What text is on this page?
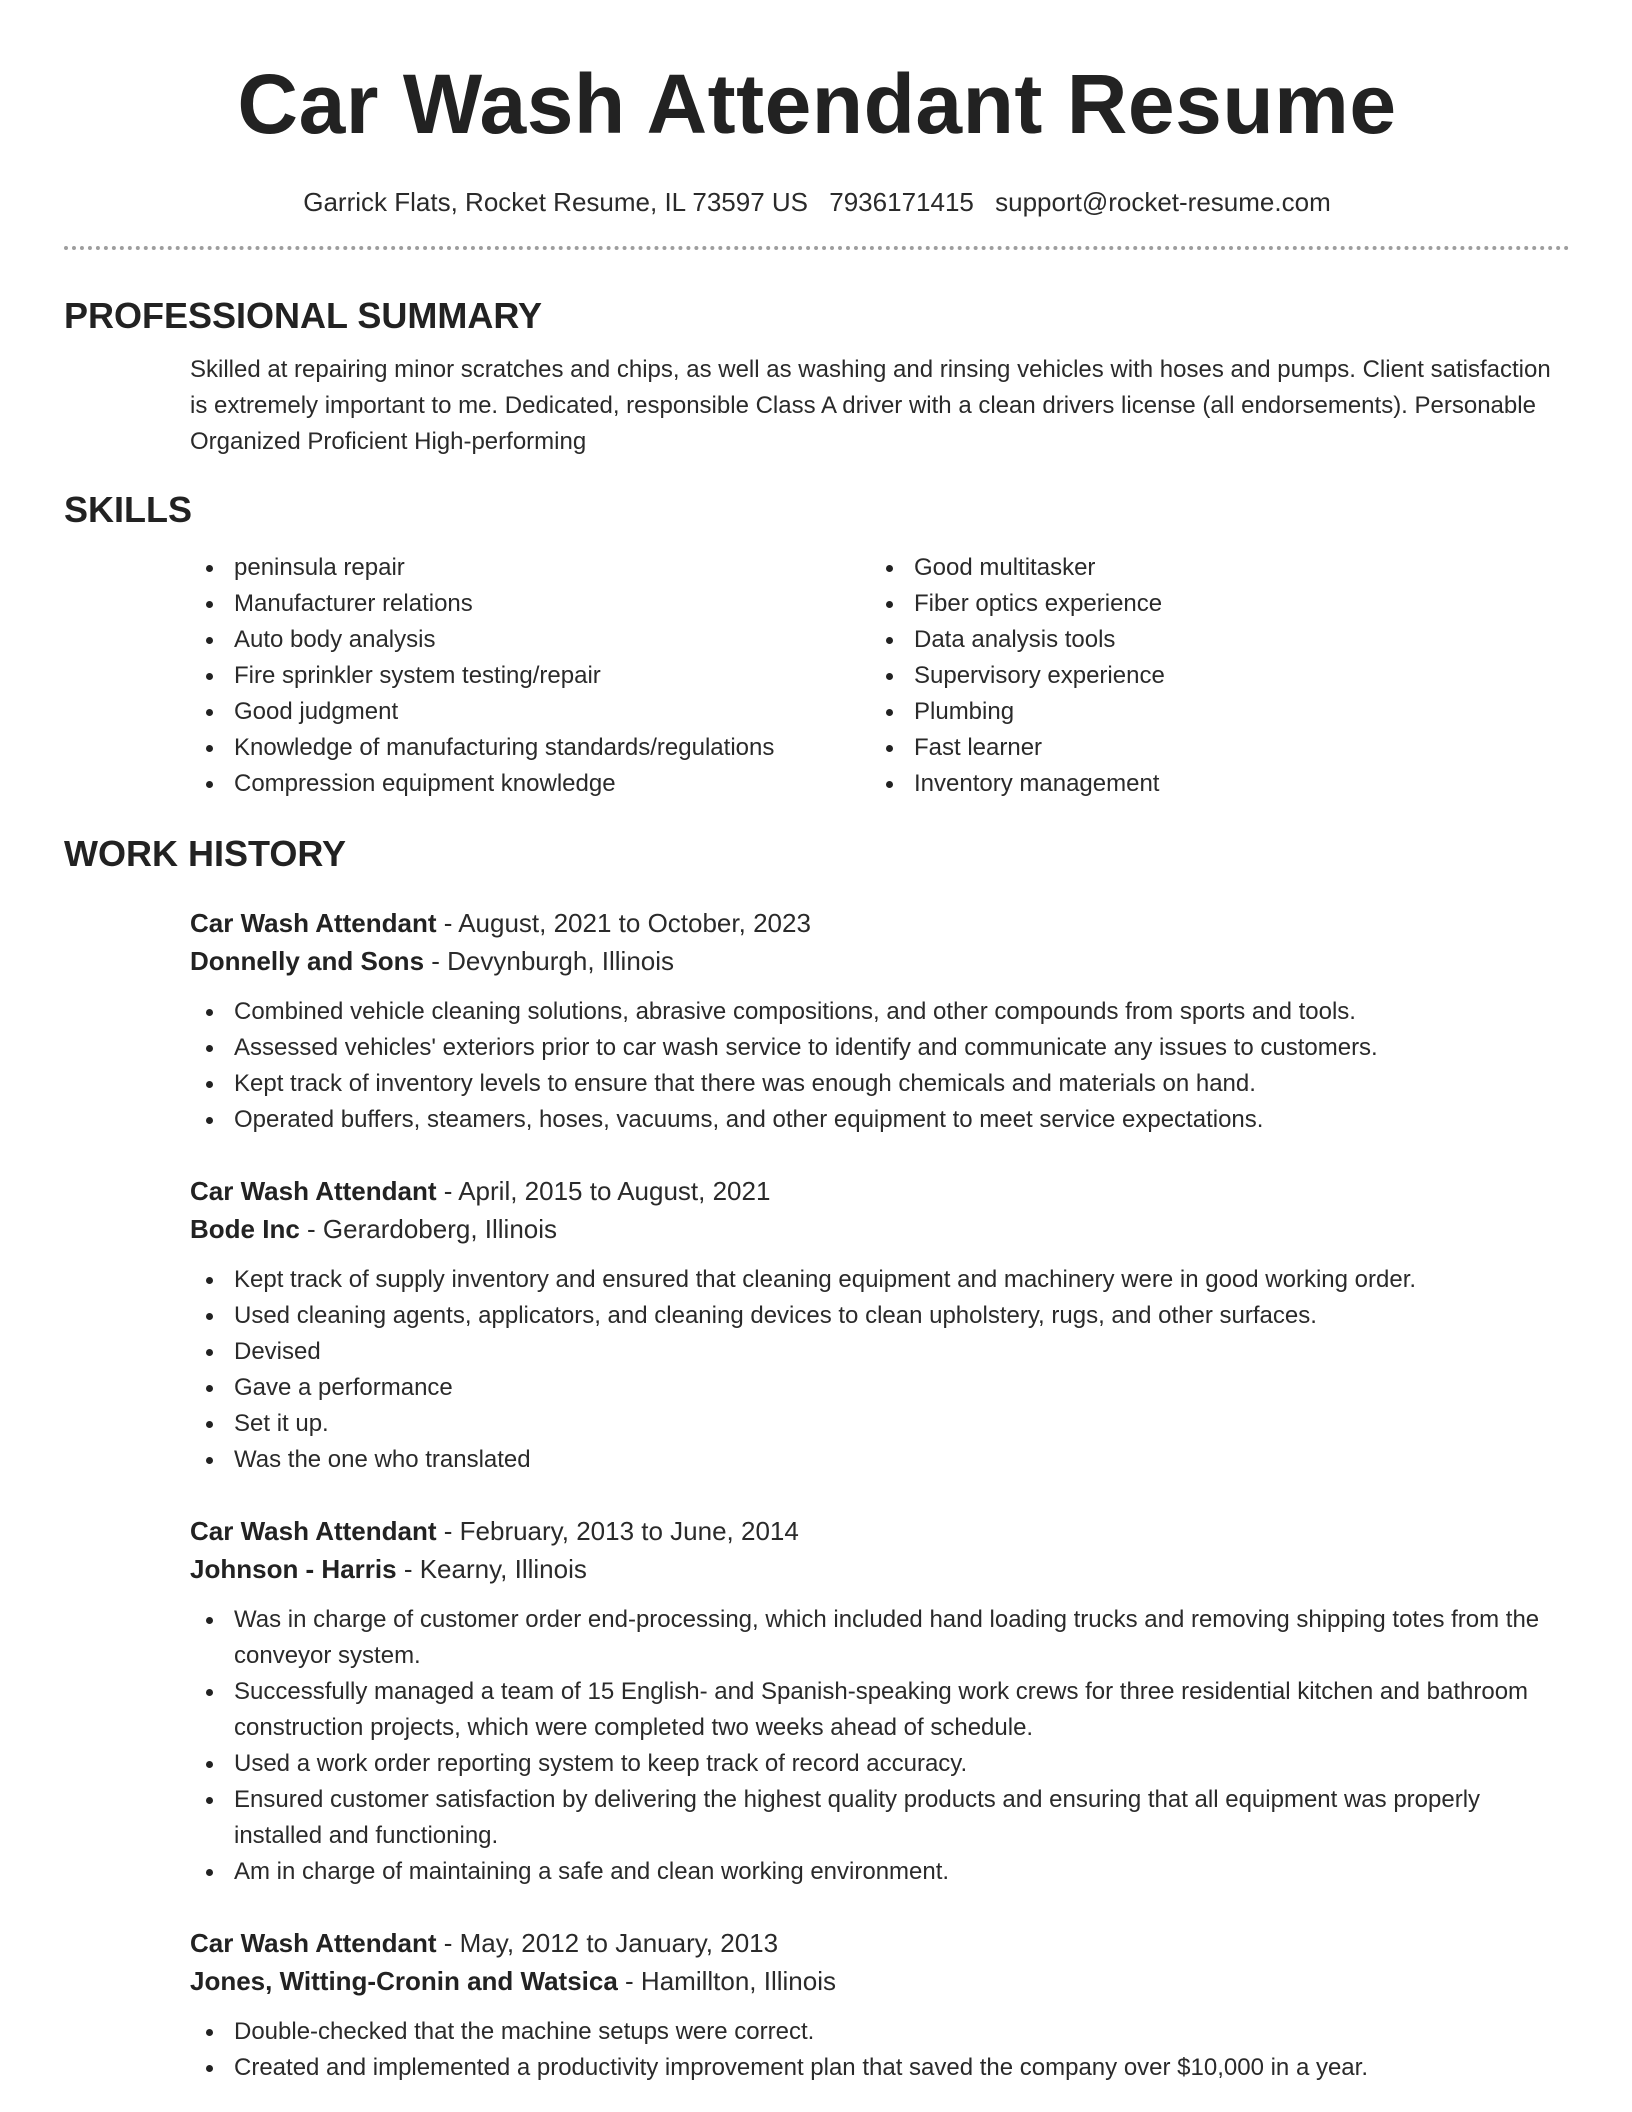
Car Wash Attendant Resume
Garrick Flats, Rocket Resume, IL 73597 US 7936171415 support@rocket-resume.com
PROFESSIONAL SUMMARY

Skilled at repairing minor scratches and chips, as well as washing and rinsing vehicles with hoses and pumps. Client satisfaction is extremely important to me. Dedicated, responsible Class A driver with a clean drivers license (all endorsements). Personable Organized Proficient High-performing

SKILLS
peninsula repair
Manufacturer relations
Auto body analysis
Fire sprinkler system testing/repair
Good judgment
Knowledge of manufacturing standards/regulations
Compression equipment knowledge
Good multitasker
Fiber optics experience
Data analysis tools
Supervisory experience
Plumbing
Fast learner
Inventory management
WORK HISTORY
Car Wash Attendant - August, 2021 to October, 2023
Donnelly and Sons - Devynburgh, Illinois
Combined vehicle cleaning solutions, abrasive compositions, and other compounds from sports and tools.
Assessed vehicles' exteriors prior to car wash service to identify and communicate any issues to customers.
Kept track of inventory levels to ensure that there was enough chemicals and materials on hand.
Operated buffers, steamers, hoses, vacuums, and other equipment to meet service expectations.
Car Wash Attendant - April, 2015 to August, 2021
Bode Inc - Gerardoberg, Illinois
Kept track of supply inventory and ensured that cleaning equipment and machinery were in good working order.
Used cleaning agents, applicators, and cleaning devices to clean upholstery, rugs, and other surfaces.
Devised
Gave a performance
Set it up.
Was the one who translated
Car Wash Attendant - February, 2013 to June, 2014
Johnson - Harris - Kearny, Illinois
Was in charge of customer order end-processing, which included hand loading trucks and removing shipping totes from the conveyor system.
Successfully managed a team of 15 English- and Spanish-speaking work crews for three residential kitchen and bathroom construction projects, which were completed two weeks ahead of schedule.
Used a work order reporting system to keep track of record accuracy.
Ensured customer satisfaction by delivering the highest quality products and ensuring that all equipment was properly installed and functioning.
Am in charge of maintaining a safe and clean working environment.
Car Wash Attendant - May, 2012 to January, 2013
Jones, Witting-Cronin and Watsica - Hamillton, Illinois
Double-checked that the machine setups were correct.
Created and implemented a productivity improvement plan that saved the company over $10,000 in a year.
